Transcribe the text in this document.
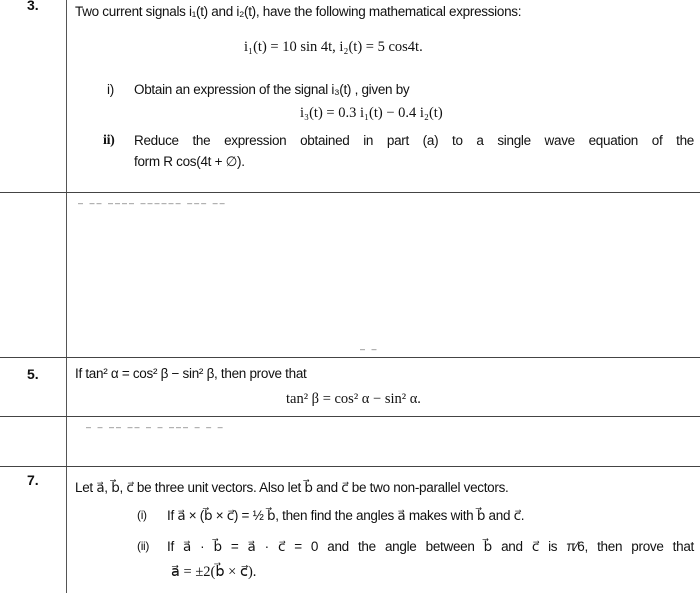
3.	Two current signals i₁(t) and i₂(t), have the following mathematical expressions:
i₁(t) = 10 sin 4t, i₂(t) = 5 cos4t.
i) Obtain an expression of the signal i₃(t) , given by
i₃(t) = 0.3 i₁(t) − 0.4 i₂(t)
ii) Reduce the expression obtained in part (a) to a single wave equation of the
form R cos(4t + ∅).
– –– –––– –––––– ––– ––
– –
5.	If tan² α = cos² β − sin² β, then prove that
tan² β = cos² α − sin² α.
– – –– –– – – ––– – – –
7.	Let a⃗, b⃗, c⃗ be three unit vectors. Also let b⃗ and c⃗ be two non-parallel vectors.
(i) If a⃗ × (b⃗ × c⃗) = ½ b⃗, then find the angles a⃗ makes with b⃗ and c⃗.
(ii) If a⃗ · b⃗ = a⃗ · c⃗ = 0 and the angle between b⃗ and c⃗ is π⁄6, then prove that
a⃗ = ±2(b⃗ × c⃗).
